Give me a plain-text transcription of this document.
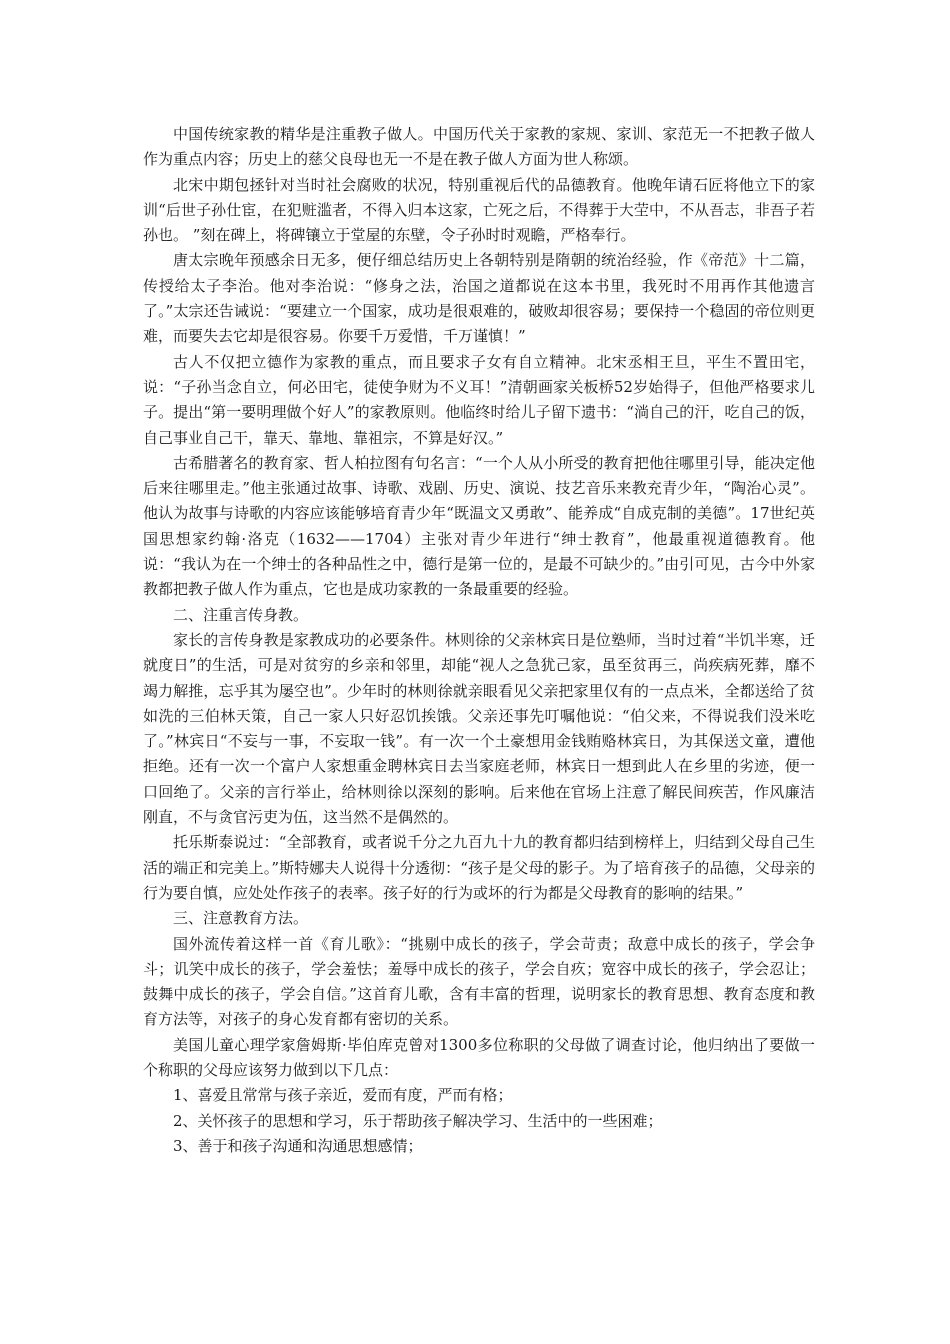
中国传统家教的精华是注重教子做人。中国历代关于家教的家规、家训、家范无一不把教子做人作为重点内容；历史上的慈父良母也无一不是在教子做人方面为世人称颂。

北宋中期包拯针对当时社会腐败的状况，特别重视后代的品德教育。他晚年请石匠将他立下的家训“后世子孙仕宦，在犯赃滥者，不得入归本这家，亡死之后，不得葬于大茔中，不从吾志，非吾子若孙也。 ”刻在碑上，将碑镶立于堂屋的东壁，令子孙时时观瞻，严格奉行。

唐太宗晚年预感余日无多，便仔细总结历史上各朝特别是隋朝的统治经验，作《帝范》十二篇，传授给太子李治。他对李治说：“修身之法，治国之道都说在这本书里，我死时不用再作其他遗言了。”太宗还告诫说：“要建立一个国家，成功是很艰难的，破败却很容易；要保持一个稳固的帝位则更难，而要失去它却是很容易。你要千万爱惜，千万谨慎！”

古人不仅把立德作为家教的重点，而且要求子女有自立精神。北宋丞相王旦，平生不置田宅，说：“子孙当念自立，何必田宅，徒使争财为不义耳！”清朝画家关板桥52岁始得子，但他严格要求儿子。提出“第一要明理做个好人”的家教原则。他临终时给儿子留下遗书：“淌自己的汗，吃自己的饭，自己事业自己干，靠天、靠地、靠祖宗，不算是好汉。”

古希腊著名的教育家、哲人柏拉图有句名言：“一个人从小所受的教育把他往哪里引导，能决定他后来往哪里走。”他主张通过故事、诗歌、戏剧、历史、演说、技艺音乐来教充青少年，“陶治心灵”。他认为故事与诗歌的内容应该能够培育青少年“既温文又勇敢”、能养成“自成克制的美德”。17世纪英国思想家约翰·洛克（1632——1704）主张对青少年进行“绅士教育”，他最重视道德教育。他说：“我认为在一个绅士的各种品性之中，德行是第一位的，是最不可缺少的。”由引可见，古今中外家教都把教子做人作为重点，它也是成功家教的一条最重要的经验。

二、注重言传身教。

家长的言传身教是家教成功的必要条件。林则徐的父亲林宾日是位塾师，当时过着“半饥半寒，迁就度日”的生活，可是对贫穷的乡亲和邻里，却能“视人之急犹己家，虽至贫再三，尚疾病死葬，靡不竭力解推，忘乎其为屡空也”。少年时的林则徐就亲眼看见父亲把家里仅有的一点点米，全都送给了贫如洗的三伯林天策，自己一家人只好忍饥挨饿。父亲还事先叮嘱他说：“伯父来，不得说我们没米吃了。”林宾日“不妄与一事，不妄取一钱”。有一次一个土豪想用金钱贿赂林宾日，为其保送文童，遭他拒绝。还有一次一个富户人家想重金聘林宾日去当家庭老师，林宾日一想到此人在乡里的劣迹，便一口回绝了。父亲的言行举止，给林则徐以深刻的影响。后来他在官场上注意了解民间疾苦，作风廉洁刚直，不与贪官污吏为伍，这当然不是偶然的。

托乐斯泰说过：“全部教育，或者说千分之九百九十九的教育都归结到榜样上，归结到父母自己生活的端正和完美上。”斯特娜夫人说得十分透彻：“孩子是父母的影子。为了培育孩子的品德，父母亲的行为要自慎，应处处作孩子的表率。孩子好的行为或坏的行为都是父母教育的影响的结果。”

三、注意教育方法。

国外流传着这样一首《育儿歌》：“挑剔中成长的孩子，学会苛责；敌意中成长的孩子，学会争斗；讥笑中成长的孩子，学会羞怯；羞辱中成长的孩子，学会自疚；宽容中成长的孩子，学会忍让；鼓舞中成长的孩子，学会自信。”这首育儿歌，含有丰富的哲理，说明家长的教育思想、教育态度和教育方法等，对孩子的身心发育都有密切的关系。

美国儿童心理学家詹姆斯·毕伯库克曾对1300多位称职的父母做了调查讨论，他归纳出了要做一个称职的父母应该努力做到以下几点：

1、喜爱且常常与孩子亲近，爱而有度，严而有格；

2、关怀孩子的思想和学习，乐于帮助孩子解决学习、生活中的一些困难；

3、善于和孩子沟通和沟通思想感情；
